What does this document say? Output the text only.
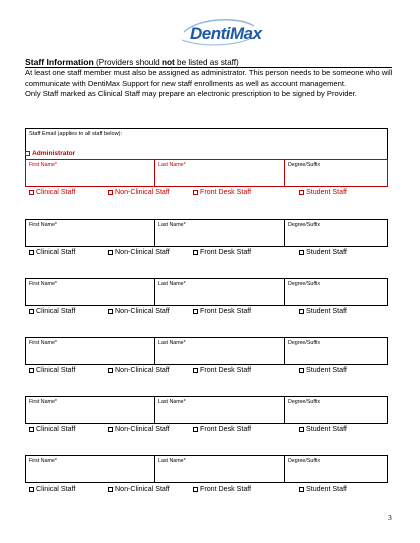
DentiMax
Staff Information (Providers should not be listed as staff)
At least one staff member must also be assigned as administrator. This person needs to be someone who will
communicate with DentiMax Support for new staff enrollments as well as account management.
Only Staff marked as Clinical Staff may prepare an electronic prescription to be signed by Provider.
Staff Email (applies to all staff below):
Administrator
First Name*	Last Name*	Degree/Suffix
Clinical Staff	Non-Clinical Staff	Front Desk Staff	Student Staff
First Name*	Last Name*	Degree/Suffix
Clinical Staff	Non-Clinical Staff	Front Desk Staff	Student Staff
First Name*	Last Name*	Degree/Suffix
Clinical Staff	Non-Clinical Staff	Front Desk Staff	Student Staff
First Name*	Last Name*	Degree/Suffix
Clinical Staff	Non-Clinical Staff	Front Desk Staff	Student Staff
First Name*	Last Name*	Degree/Suffix
Clinical Staff	Non-Clinical Staff	Front Desk Staff	Student Staff
First Name*	Last Name*	Degree/Suffix
Clinical Staff	Non-Clinical Staff	Front Desk Staff	Student Staff
3
